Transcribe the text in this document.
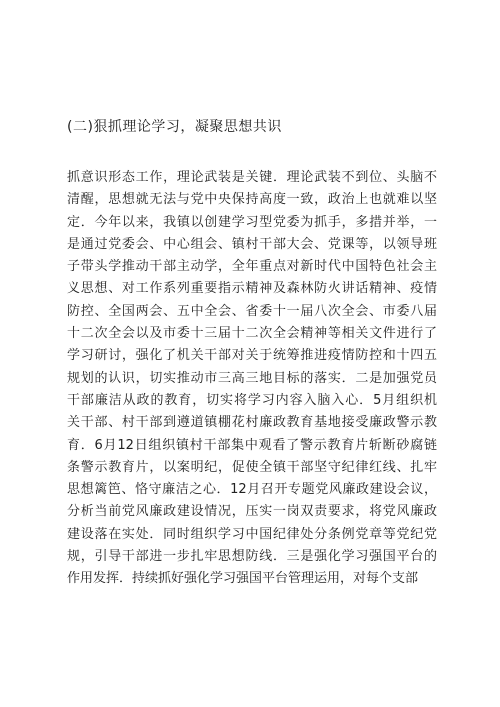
(二)狠抓理论学习，凝聚思想共识
抓意识形态工作，理论武装是关键．理论武装不到位、头脑不
清醒，思想就无法与党中央保持高度一致，政治上也就难以坚
定．今年以来，我镇以创建学习型党委为抓手，多措并举，一
是通过党委会、中心组会、镇村干部大会、党课等，以领导班
子带头学推动干部主动学，全年重点对新时代中国特色社会主
义思想、对工作系列重要指示精神及森林防火讲话精神、疫情
防控、全国两会、五中全会、省委十一届八次全会、市委八届
十二次全会以及市委十三届十二次全会精神等相关文件进行了
学习研讨，强化了机关干部对关于统筹推进疫情防控和十四五
规划的认识，切实推动市三高三地目标的落实．二是加强党员
干部廉洁从政的教育，切实将学习内容入脑入心．5月组织机
关干部、村干部到遵道镇棚花村廉政教育基地接受廉政警示教
育．6月12日组织镇村干部集中观看了警示教育片斩断砂腐链
条警示教育片，以案明纪，促使全镇干部坚守纪律红线、扎牢
思想篱笆、恪守廉洁之心．12月召开专题党风廉政建设会议，
分析当前党风廉政建设情况，压实一岗双责要求，将党风廉政
建设落在实处．同时组织学习中国纪律处分条例党章等党纪党
规，引导干部进一步扎牢思想防线．三是强化学习强国平台的
作用发挥．持续抓好强化学习强国平台管理运用，对每个支部
